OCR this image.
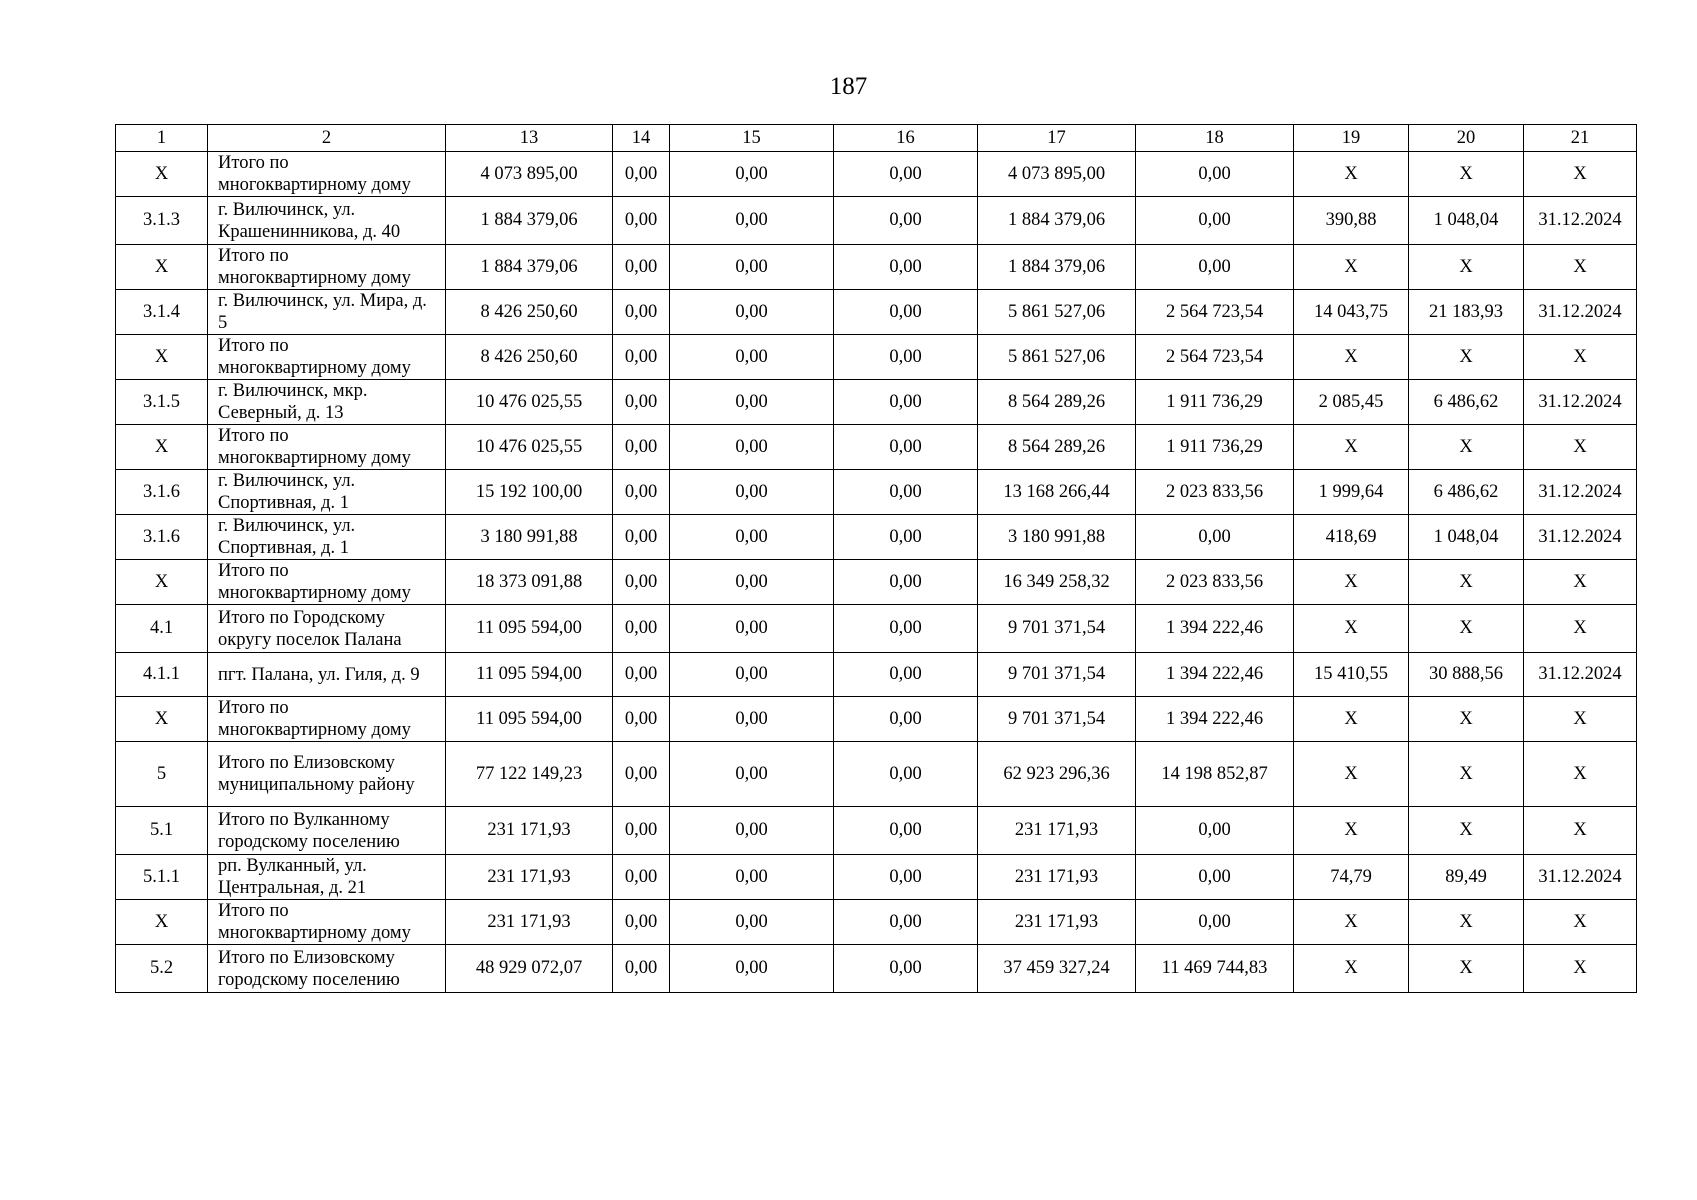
187
1	2	13	14	15	16	17	18	19	20	21
X	Итого по многоквартирному дому	4 073 895,00	0,00	0,00	0,00	4 073 895,00	0,00	X	X	X
3.1.3	г. Вилючинск, ул. Крашенинникова, д. 40	1 884 379,06	0,00	0,00	0,00	1 884 379,06	0,00	390,88	1 048,04	31.12.2024
X	Итого по многоквартирному дому	1 884 379,06	0,00	0,00	0,00	1 884 379,06	0,00	X	X	X
3.1.4	г. Вилючинск, ул. Мира, д. 5	8 426 250,60	0,00	0,00	0,00	5 861 527,06	2 564 723,54	14 043,75	21 183,93	31.12.2024
X	Итого по многоквартирному дому	8 426 250,60	0,00	0,00	0,00	5 861 527,06	2 564 723,54	X	X	X
3.1.5	г. Вилючинск, мкр. Северный, д. 13	10 476 025,55	0,00	0,00	0,00	8 564 289,26	1 911 736,29	2 085,45	6 486,62	31.12.2024
X	Итого по многоквартирному дому	10 476 025,55	0,00	0,00	0,00	8 564 289,26	1 911 736,29	X	X	X
3.1.6	г. Вилючинск, ул. Спортивная, д. 1	15 192 100,00	0,00	0,00	0,00	13 168 266,44	2 023 833,56	1 999,64	6 486,62	31.12.2024
3.1.6	г. Вилючинск, ул. Спортивная, д. 1	3 180 991,88	0,00	0,00	0,00	3 180 991,88	0,00	418,69	1 048,04	31.12.2024
X	Итого по многоквартирному дому	18 373 091,88	0,00	0,00	0,00	16 349 258,32	2 023 833,56	X	X	X
4.1	Итого по Городскому округу поселок Палана	11 095 594,00	0,00	0,00	0,00	9 701 371,54	1 394 222,46	X	X	X
4.1.1	пгт. Палана, ул. Гиля, д. 9	11 095 594,00	0,00	0,00	0,00	9 701 371,54	1 394 222,46	15 410,55	30 888,56	31.12.2024
X	Итого по многоквартирному дому	11 095 594,00	0,00	0,00	0,00	9 701 371,54	1 394 222,46	X	X	X
5	Итого по Елизовскому муниципальному району	77 122 149,23	0,00	0,00	0,00	62 923 296,36	14 198 852,87	X	X	X
5.1	Итого по Вулканному городскому поселению	231 171,93	0,00	0,00	0,00	231 171,93	0,00	X	X	X
5.1.1	рп. Вулканный, ул. Центральная, д. 21	231 171,93	0,00	0,00	0,00	231 171,93	0,00	74,79	89,49	31.12.2024
X	Итого по многоквартирному дому	231 171,93	0,00	0,00	0,00	231 171,93	0,00	X	X	X
5.2	Итого по Елизовскому городскому поселению	48 929 072,07	0,00	0,00	0,00	37 459 327,24	11 469 744,83	X	X	X
